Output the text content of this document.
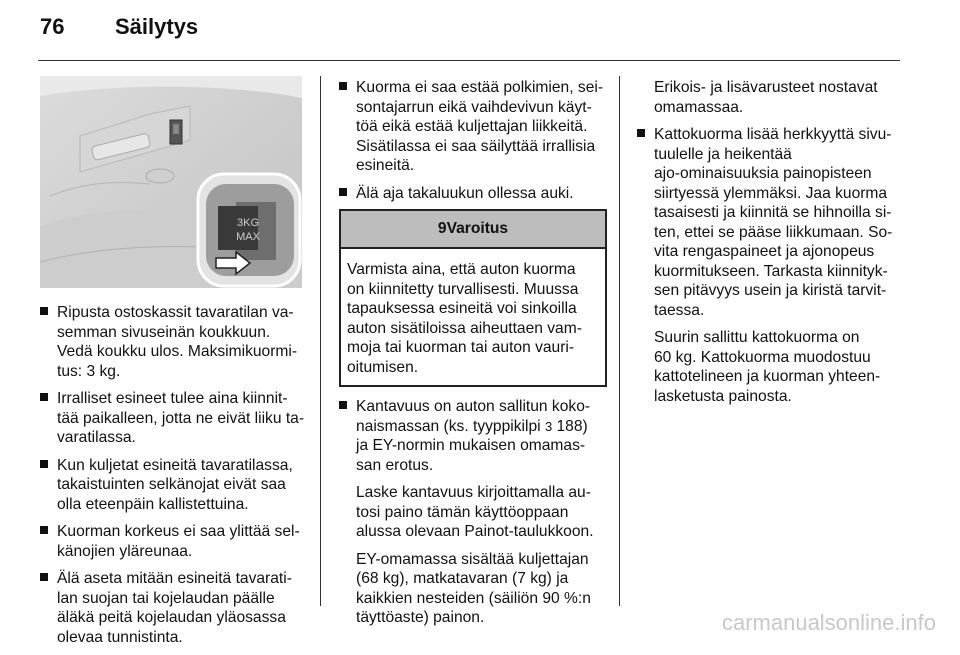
76 Säilytys
3KG
MAX
Ripusta ostoskassit tavaratilan va-
semman sivuseinän koukkuun.
Vedä koukku ulos. Maksimikuormi-
tus: 3 kg.
Irralliset esineet tulee aina kiinnit-
tää paikalleen, jotta ne eivät liiku ta-
varatilassa.
Kun kuljetat esineitä tavaratilassa,
takaistuinten selkänojat eivät saa
olla eteenpäin kallistettuina.
Kuorman korkeus ei saa ylittää sel-
känojien yläreunaa.
Älä aseta mitään esineitä tavarati-
lan suojan tai kojelaudan päälle
äläkä peitä kojelaudan yläosassa
olevaa tunnistinta.
Kuorma ei saa estää polkimien, sei-
sontajarrun eikä vaihdevivun käyt-
töä eikä estää kuljettajan liikkeitä.
Sisätilassa ei saa säilyttää irrallisia
esineitä.
Älä aja takaluukun ollessa auki.
9Varoitus
Varmista aina, että auton kuorma
on kiinnitetty turvallisesti. Muussa
tapauksessa esineitä voi sinkoilla
auton sisätiloissa aiheuttaen vam-
moja tai kuorman tai auton vauri-
oitumisen.
Kantavuus on auton sallitun koko-
naismassan (ks. tyyppikilpi 3 188)
ja EY-normin mukaisen omamas-
san erotus.

Laske kantavuus kirjoittamalla au-
tosi paino tämän käyttöoppaan
alussa olevaan Painot-taulukkoon.

EY-omamassa sisältää kuljettajan
(68 kg), matkatavaran (7 kg) ja
kaikkien nesteiden (säiliön 90 %:n
täyttöaste) painon.

Erikois- ja lisävarusteet nostavat
omamassaa.

Kattokuorma lisää herkkyyttä sivu-
tuulelle ja heikentää
ajo-ominaisuuksia painopisteen
siirtyessä ylemmäksi. Jaa kuorma
tasaisesti ja kiinnitä se hihnoilla si-
ten, ettei se pääse liikkumaan. So-
vita rengaspaineet ja ajonopeus
kuormitukseen. Tarkasta kiinnityk-
sen pitävyys usein ja kiristä tarvit-
taessa.

Suurin sallittu kattokuorma on
60 kg. Kattokuorma muodostuu
kattotelineen ja kuorman yhteen-
lasketusta painosta.

carmanualsonline.info
